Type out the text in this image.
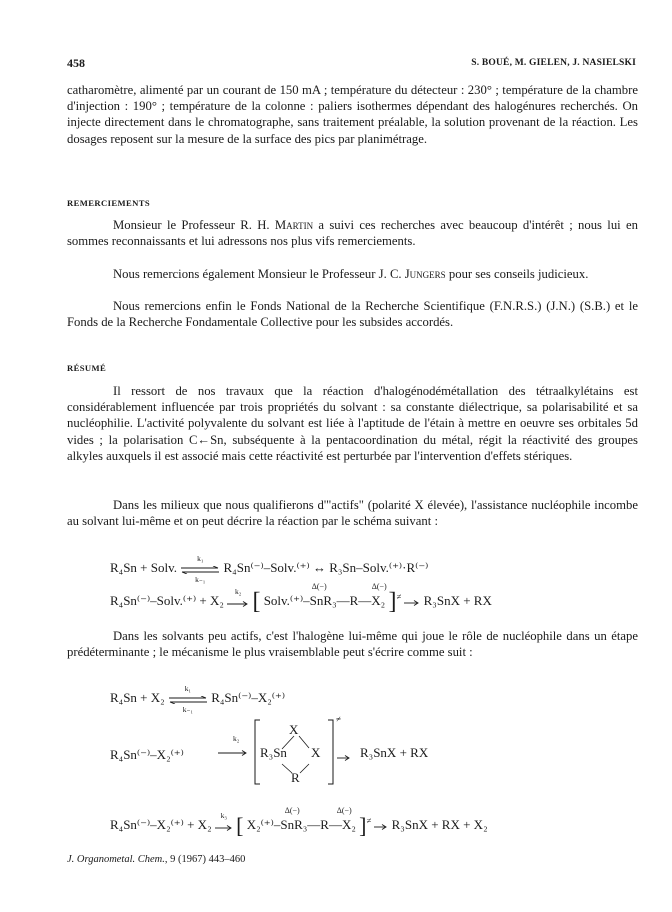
458	S. BOUÉ, M. GIELEN, J. NASIELSKI

catharomètre, alimenté par un courant de 150 mA ; température du détecteur : 230° ; température de la chambre d'injection : 190° ; température de la colonne : paliers isothermes dépendant des halogénures recherchés. On injecte directement dans le chromatographe, sans traitement préalable, la solution provenant de la réaction. Les dosages reposent sur la mesure de la surface des pics par planimétrage.

REMERCIEMENTS

Monsieur le Professeur R. H. Martin a suivi ces recherches avec beaucoup d'intérêt ; nous lui en sommes reconnaissants et lui adressons nos plus vifs remerciements.

Nous remercions également Monsieur le Professeur J. C. Jungers pour ses conseils judicieux.

Nous remercions enfin le Fonds National de la Recherche Scientifique (F.N.R.S.) (J.N.) (S.B.) et le Fonds de la Recherche Fondamentale Collective pour les subsides accordés.

RÉSUMÉ

Il ressort de nos travaux que la réaction d'halogénodémétallation des tétraalkylétains est considérablement influencée par trois propriétés du solvant : sa constante diélectrique, sa polarisabilité et sa nucléophilie. L'activité polyvalente du solvant est liée à l'aptitude de l'étain à mettre en oeuvre ses orbitales 5d vides ; la polarisation C←Sn, subséquente à la pentacoordination du métal, régit la réactivité des groupes alkyles auxquels il est associé mais cette réactivité est perturbée par l'intervention d'effets stériques.

Dans les milieux que nous qualifierons d'"actifs" (polarité X élevée), l'assistance nucléophile incombe au solvant lui-même et on peut décrire la réaction par le schéma suivant :

R₄Sn + Solv.
k₁
k₋₁
R₄Sn⁽⁻⁾–Solv.⁽⁺⁾ ↔ R₃Sn–Solv.⁽⁺⁾·R⁽⁻⁾
R₄Sn⁽⁻⁾–Solv.⁽⁺⁾ + X₂
k₂
[
Δ(−)	Δ(−)
Solv.⁽⁺⁾–SnR₃—R—X₂ ]≠ R₃SnX + RX

Dans les solvants peu actifs, c'est l'halogène lui-même qui joue le rôle de nucléophile dans un étape prédéterminante ; le mécanisme le plus vraisemblable peut s'écrire comme suit :

R₄Sn + X₂
k₁
k₋₁
R₄Sn⁽⁻⁾–X₂⁽⁺⁾
R₄Sn⁽⁻⁾–X₂⁽⁺⁾
k₂
≠
X
R₃Sn X
R
R₃SnX + RX
R₄Sn⁽⁻⁾–X₂⁽⁺⁾ + X₂
k₃
[
Δ(−)	Δ(−)
X₂⁽⁺⁾–SnR₃—R—X₂ ]≠ R₃SnX + RX + X₂
J. Organometal. Chem., 9 (1967) 443–460
